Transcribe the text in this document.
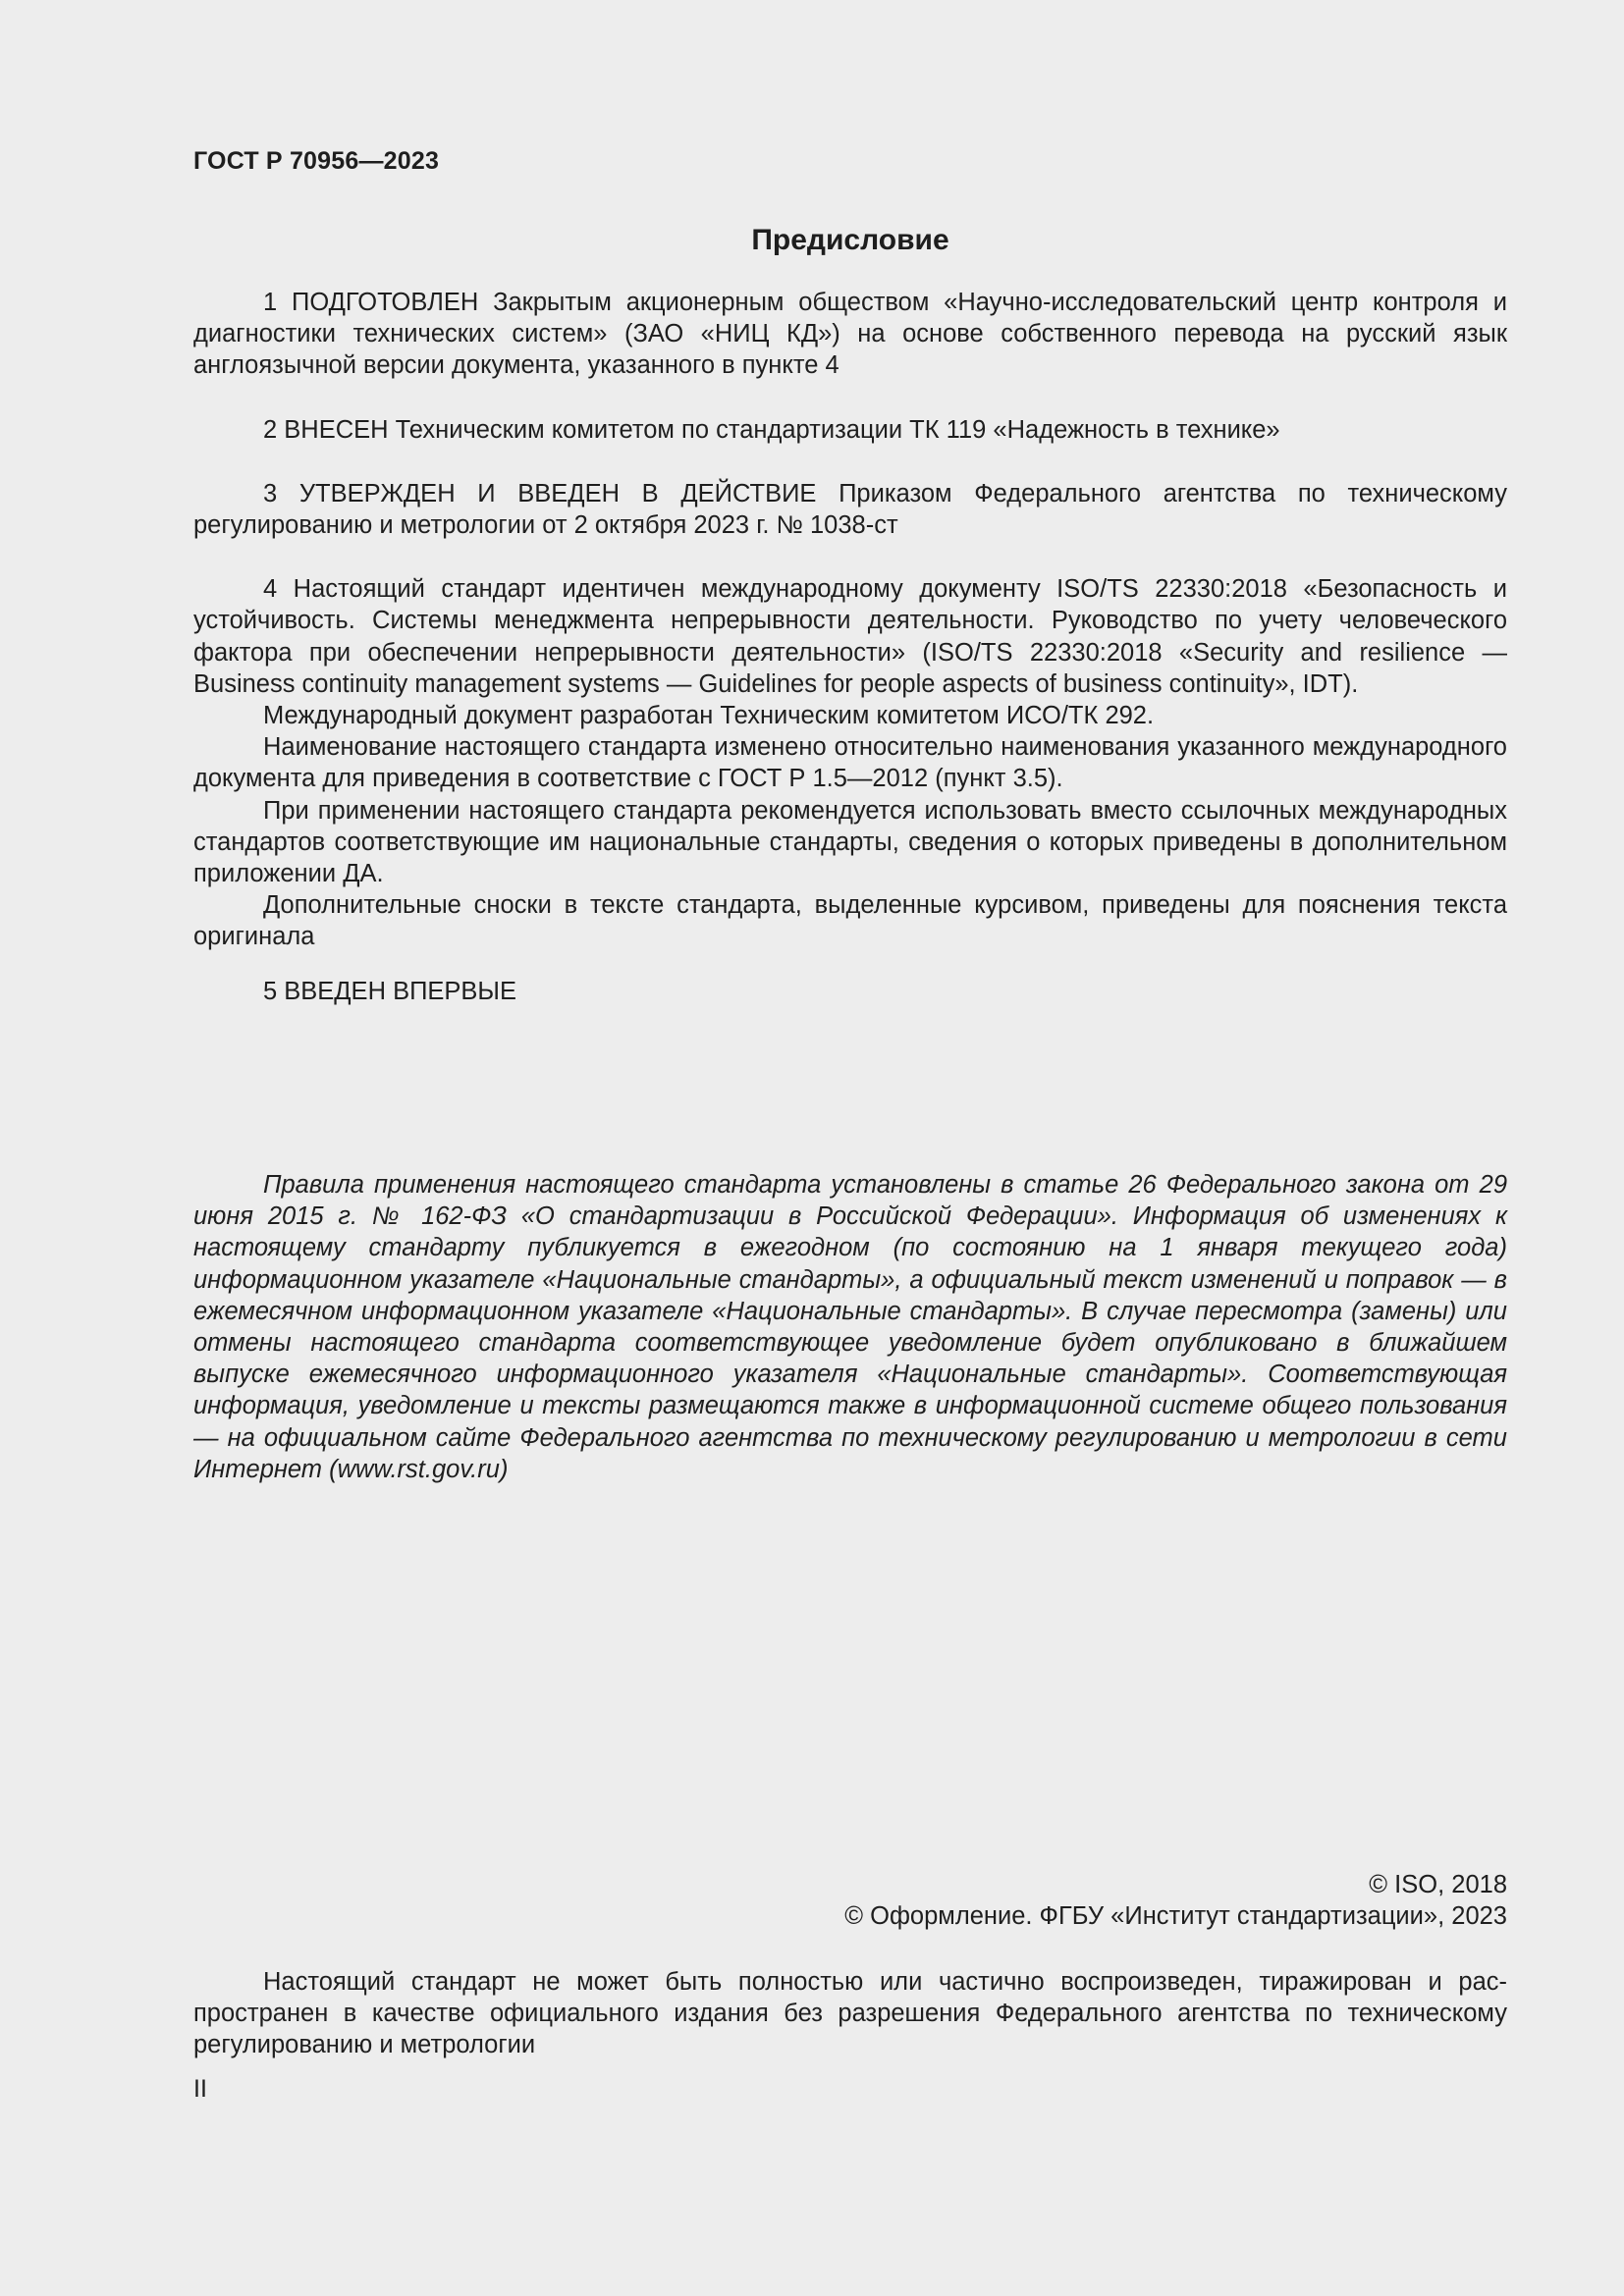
ГОСТ Р 70956—2023
Предисловие

1 ПОДГОТОВЛЕН Закрытым акционерным обществом «Научно-исследовательский центр контроля и диагностики технических систем» (ЗАО «НИЦ КД») на основе собственного перевода на русский язык англоязычной версии документа, указанного в пункте 4

2 ВНЕСЕН Техническим комитетом по стандартизации ТК 119 «Надежность в технике»

3 УТВЕРЖДЕН И ВВЕДЕН В ДЕЙСТВИЕ Приказом Федерального агентства по техническому регулированию и метрологии от 2 октября 2023 г. № 1038-ст

4 Настоящий стандарт идентичен международному документу ISO/TS 22330:2018 «Безопасность и устойчивость. Системы менеджмента непрерывности деятельности. Руководство по учету человеческого фактора при обеспечении непрерывности деятельности» (ISO/TS 22330:2018 «Security and resilience — Business continuity management systems — Guidelines for people aspects of business continuity», IDT).

Международный документ разработан Техническим комитетом ИСО/ТК 292.

Наименование настоящего стандарта изменено относительно наименования указанного международного документа для приведения в соответствие с ГОСТ Р 1.5—2012 (пункт 3.5).

При применении настоящего стандарта рекомендуется использовать вместо ссылочных международных стандартов соответствующие им национальные стандарты, сведения о которых приведены в дополнительном приложении ДА.

Дополнительные сноски в тексте стандарта, выделенные курсивом, приведены для пояснения текста оригинала

5 ВВЕДЕН ВПЕРВЫЕ

Правила применения настоящего стандарта установлены в статье 26 Федерального закона от 29 июня 2015 г. № 162-ФЗ «О стандартизации в Российской Федерации». Информация об изменениях к настоящему стандарту публикуется в ежегодном (по состоянию на 1 января текущего года) информационном указателе «Национальные стандарты», а официальный текст изменений и поправок — в ежемесячном информационном указателе «Национальные стандарты». В случае пересмотра (замены) или отмены настоящего стандарта соответствующее уведомление будет опубликовано в ближайшем выпуске ежемесячного информационного указателя «Национальные стандарты». Соответствующая информация, уведомление и тексты размещаются также в информационной системе общего пользования — на официальном сайте Федерального агентства по техническому регулированию и метрологии в сети Интернет (www.rst.gov.ru)

© ISO, 2018
© Оформление. ФГБУ «Институт стандартизации», 2023

Настоящий стандарт не может быть полностью или частично воспроизведен, тиражирован и распространен в качестве официального издания без разрешения Федерального агентства по техническому регулированию и метрологии

II
